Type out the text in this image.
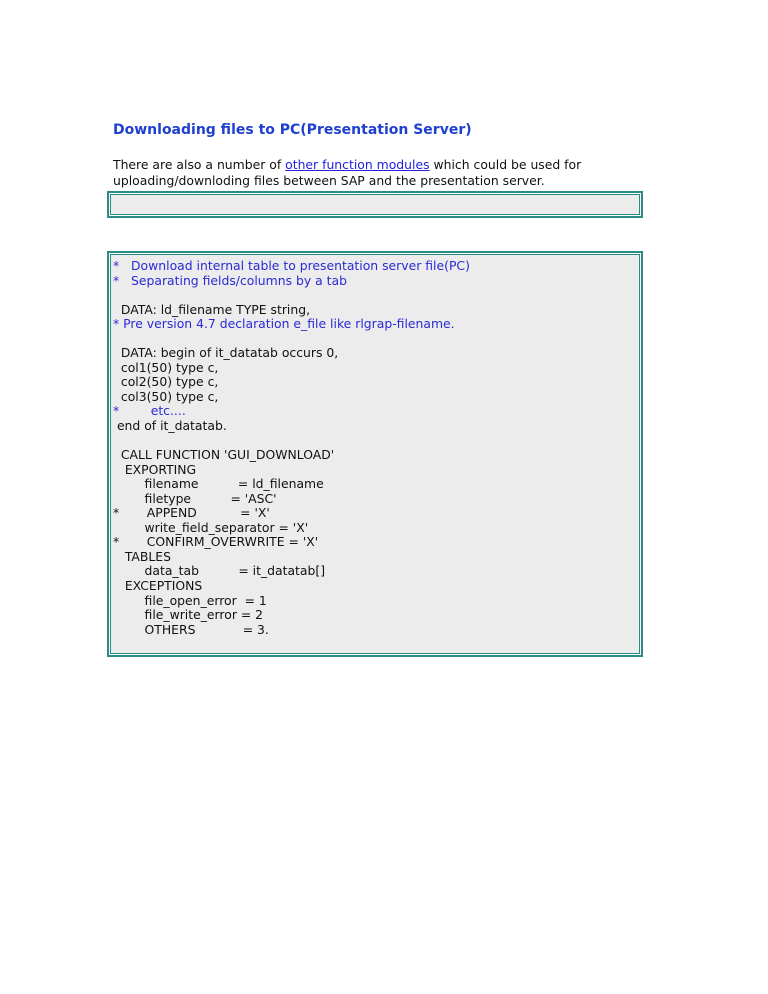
Downloading files to PC(Presentation Server)
There are also a number of other function modules which could be used for uploading/downloding files between SAP and the presentation server.
*   Download internal table to presentation server file(PC)
*   Separating fields/columns by a tab
DATA: ld_filename TYPE string,
* Pre version 4.7 declaration e_file like rlgrap-filename.
DATA: begin of it_datatab occurs 0,
col1(50) type c,
col2(50) type c,
col3(50) type c,
*        etc....
end of it_datatab.
CALL FUNCTION 'GUI_DOWNLOAD'
EXPORTING
filename          = ld_filename
filetype          = 'ASC'
*       APPEND           = 'X'
write_field_separator = 'X'
*       CONFIRM_OVERWRITE = 'X'
TABLES
data_tab          = it_datatab[]
EXCEPTIONS
file_open_error  = 1
file_write_error = 2
OTHERS            = 3.
